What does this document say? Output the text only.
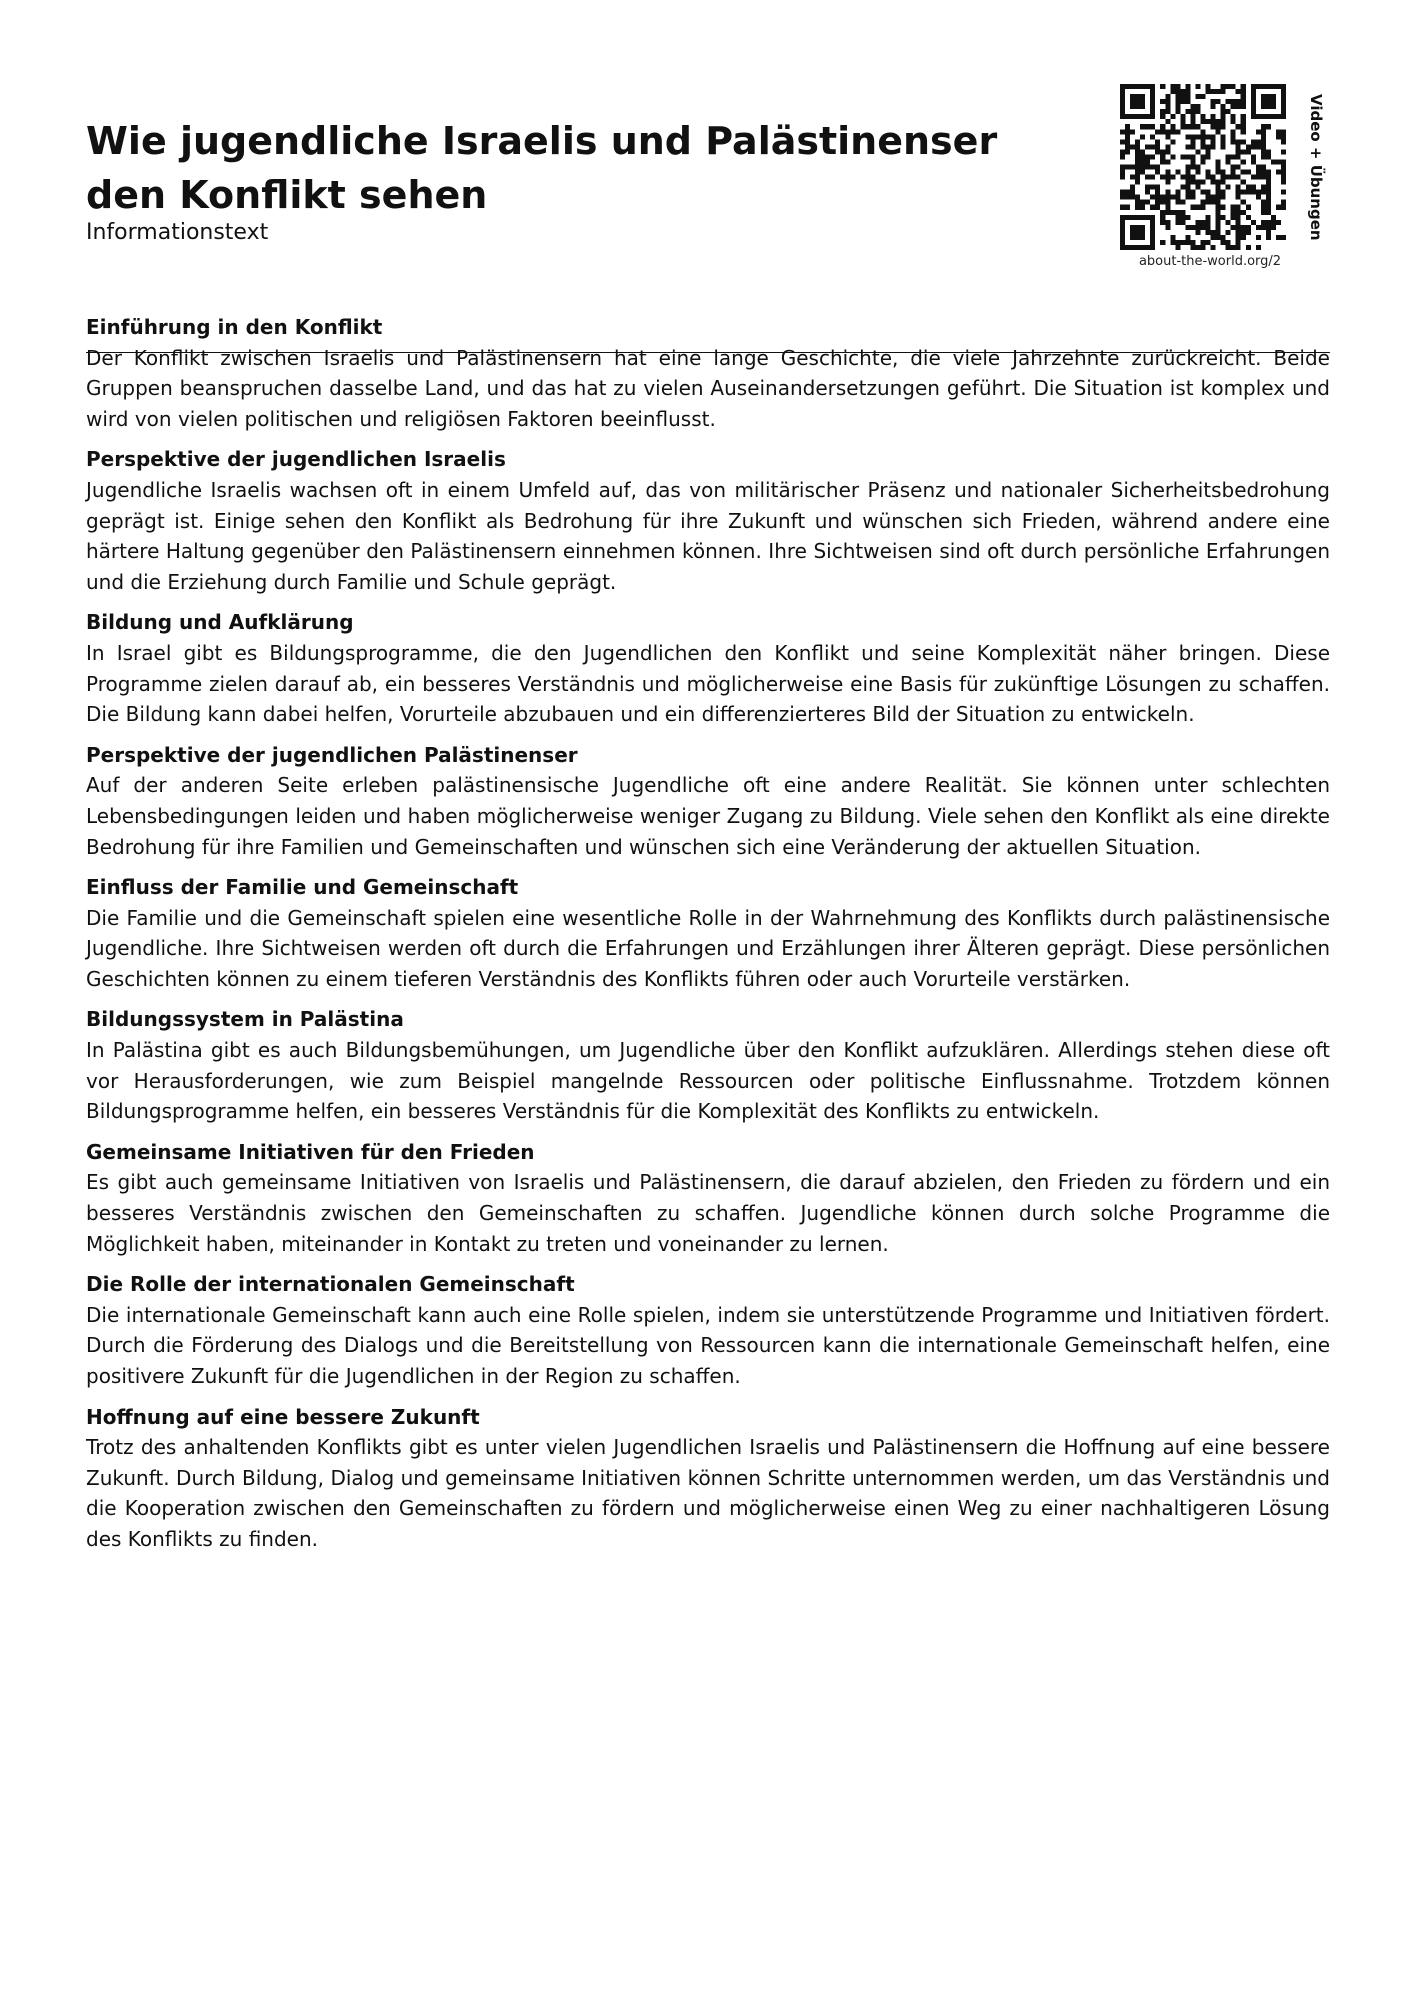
Wie jugendliche Israelis und Palästinenser den Konflikt sehen

Informationstext	Video + Übungen
about-the-world.org/2

Einführung in den Konflikt

Der Konflikt zwischen Israelis und Palästinensern hat eine lange Geschichte, die viele Jahrzehnte zurückreicht. Beide Gruppen beanspruchen dasselbe Land, und das hat zu vielen Auseinandersetzungen geführt. Die Situation ist komplex und wird von vielen politischen und religiösen Faktoren beeinflusst.

Perspektive der jugendlichen Israelis

Jugendliche Israelis wachsen oft in einem Umfeld auf, das von militärischer Präsenz und nationaler Sicherheitsbedrohung geprägt ist. Einige sehen den Konflikt als Bedrohung für ihre Zukunft und wünschen sich Frieden, während andere eine härtere Haltung gegenüber den Palästinensern einnehmen können. Ihre Sichtweisen sind oft durch persönliche Erfahrungen und die Erziehung durch Familie und Schule geprägt.

Bildung und Aufklärung

In Israel gibt es Bildungsprogramme, die den Jugendlichen den Konflikt und seine Komplexität näher bringen. Diese Programme zielen darauf ab, ein besseres Verständnis und möglicherweise eine Basis für zukünftige Lösungen zu schaffen. Die Bildung kann dabei helfen, Vorurteile abzubauen und ein differenzierteres Bild der Situation zu entwickeln.

Perspektive der jugendlichen Palästinenser

Auf der anderen Seite erleben palästinensische Jugendliche oft eine andere Realität. Sie können unter schlechten Lebensbedingungen leiden und haben möglicherweise weniger Zugang zu Bildung. Viele sehen den Konflikt als eine direkte Bedrohung für ihre Familien und Gemeinschaften und wünschen sich eine Veränderung der aktuellen Situation.

Einfluss der Familie und Gemeinschaft

Die Familie und die Gemeinschaft spielen eine wesentliche Rolle in der Wahrnehmung des Konflikts durch palästinensische Jugendliche. Ihre Sichtweisen werden oft durch die Erfahrungen und Erzählungen ihrer Älteren geprägt. Diese persönlichen Geschichten können zu einem tieferen Verständnis des Konflikts führen oder auch Vorurteile verstärken.

Bildungssystem in Palästina

In Palästina gibt es auch Bildungsbemühungen, um Jugendliche über den Konflikt aufzuklären. Allerdings stehen diese oft vor Herausforderungen, wie zum Beispiel mangelnde Ressourcen oder politische Einflussnahme. Trotzdem können Bildungsprogramme helfen, ein besseres Verständnis für die Komplexität des Konflikts zu entwickeln.

Gemeinsame Initiativen für den Frieden

Es gibt auch gemeinsame Initiativen von Israelis und Palästinensern, die darauf abzielen, den Frieden zu fördern und ein besseres Verständnis zwischen den Gemeinschaften zu schaffen. Jugendliche können durch solche Programme die Möglichkeit haben, miteinander in Kontakt zu treten und voneinander zu lernen.

Die Rolle der internationalen Gemeinschaft

Die internationale Gemeinschaft kann auch eine Rolle spielen, indem sie unterstützende Programme und Initiativen fördert. Durch die Förderung des Dialogs und die Bereitstellung von Ressourcen kann die internationale Gemeinschaft helfen, eine positivere Zukunft für die Jugendlichen in der Region zu schaffen.

Hoffnung auf eine bessere Zukunft

Trotz des anhaltenden Konflikts gibt es unter vielen Jugendlichen Israelis und Palästinensern die Hoffnung auf eine bessere Zukunft. Durch Bildung, Dialog und gemeinsame Initiativen können Schritte unternommen werden, um das Verständnis und die Kooperation zwischen den Gemeinschaften zu fördern und möglicherweise einen Weg zu einer nachhaltigeren Lösung des Konflikts zu finden.
